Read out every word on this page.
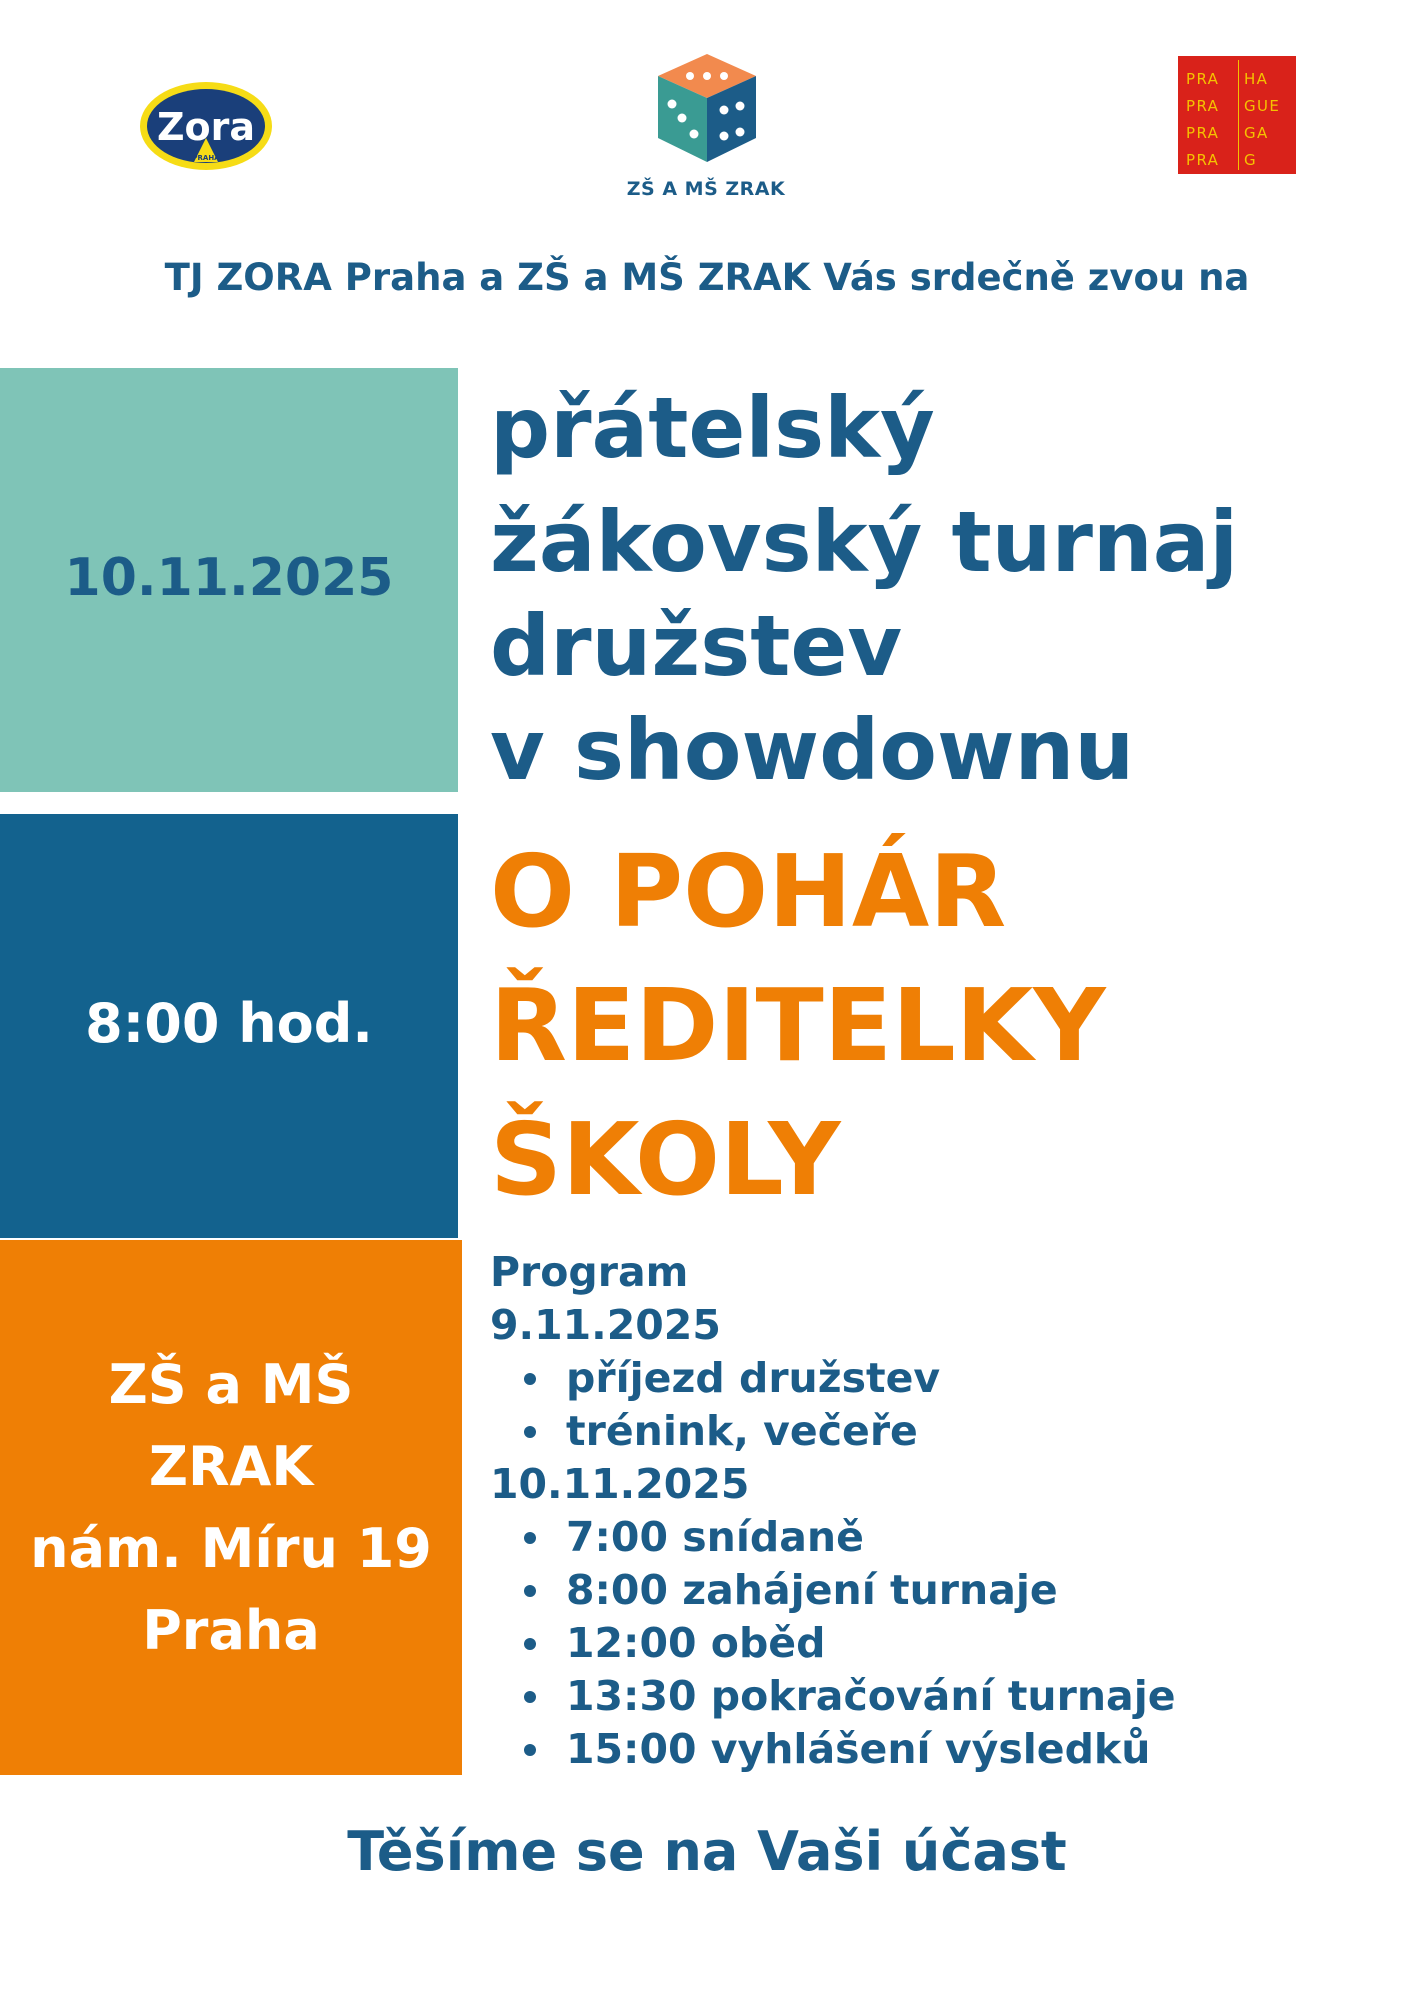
Zora
PRAHA
ZŠ A MŠ ZRAK
PRA HA
PRA GUE
PRA GA
PRA G
TJ ZORA Praha a ZŠ a MŠ ZRAK Vás srdečně zvou na
10.11.2025
8:00 hod.
ZŠ a MŠ
ZRAK
nám. Míru 19
Praha
přátelský
žákovský turnaj
družstev
v showdownu
O POHÁR
ŘEDITELKY
ŠKOLY
Program
9.11.2025
příjezd družstev
trénink, večeře
10.11.2025
7:00 snídaně
8:00 zahájení turnaje
12:00 oběd
13:30 pokračování turnaje
15:00 vyhlášení výsledků
Těšíme se na Vaši účast
